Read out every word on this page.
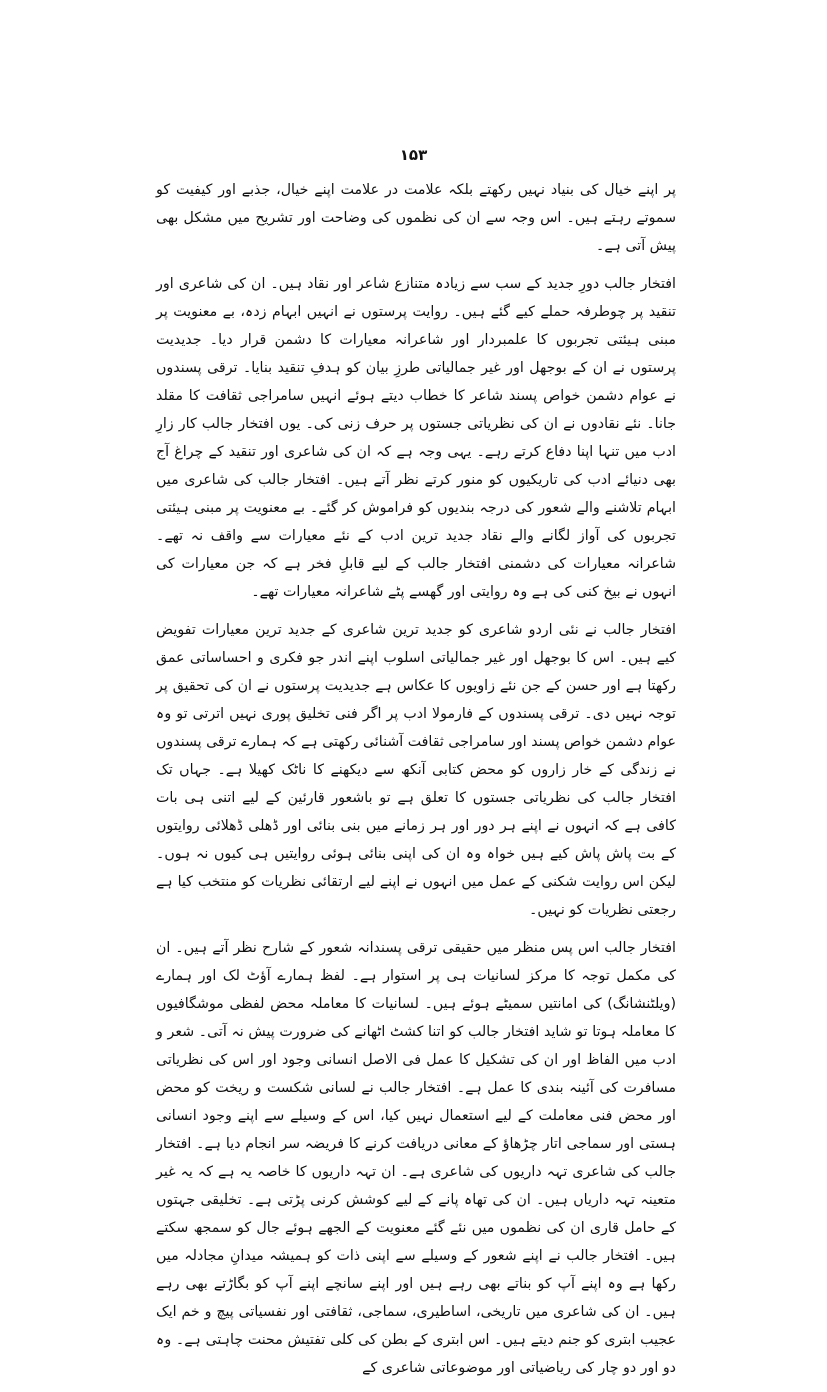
۱۵۳

پر اپنے خیال کی بنیاد نہیں رکھتے بلکہ علامت در علامت اپنے خیال، جذبے اور کیفیت کو سموتے رہتے ہیں۔ اس وجہ سے ان کی نظموں کی وضاحت اور تشریح میں مشکل بھی پیش آتی ہے۔

افتخار جالب دورِ جدید کے سب سے زیادہ متنازع شاعر اور نقاد ہیں۔ ان کی شاعری اور تنقید پر چوطرفہ حملے کیے گئے ہیں۔ روایت پرستوں نے انہیں ابہام زدہ، بے معنویت پر مبنی ہیئتی تجربوں کا علمبردار اور شاعرانہ معیارات کا دشمن قرار دیا۔ جدیدیت پرستوں نے ان کے بوجھل اور غیر جمالیاتی طرزِ بیان کو ہدفِ تنقید بنایا۔ ترقی پسندوں نے عوام دشمن خواص پسند شاعر کا خطاب دیتے ہوئے انہیں سامراجی ثقافت کا مقلد جانا۔ نئے نقادوں نے ان کی نظریاتی جستوں پر حرف زنی کی۔ یوں افتخار جالب کار زارِ ادب میں تنہا اپنا دفاع کرتے رہے۔ یہی وجہ ہے کہ ان کی شاعری اور تنقید کے چراغ آج بھی دنیائے ادب کی تاریکیوں کو منور کرتے نظر آتے ہیں۔ افتخار جالب کی شاعری میں ابہام تلاشنے والے شعور کی درجہ بندیوں کو فراموش کر گئے۔ بے معنویت پر مبنی ہیئتی تجربوں کی آواز لگانے والے نقاد جدید ترین ادب کے نئے معیارات سے واقف نہ تھے۔ شاعرانہ معیارات کی دشمنی افتخار جالب کے لیے قابلِ فخر ہے کہ جن معیارات کی انہوں نے بیخ کنی کی ہے وہ روایتی اور گھسے پٹے شاعرانہ معیارات تھے۔

افتخار جالب نے نئی اردو شاعری کو جدید ترین شاعری کے جدید ترین معیارات تفویض کیے ہیں۔ اس کا بوجھل اور غیر جمالیاتی اسلوب اپنے اندر جو فکری و احساساتی عمق رکھتا ہے اور حسن کے جن نئے زاویوں کا عکاس ہے جدیدیت پرستوں نے ان کی تحقیق پر توجہ نہیں دی۔ ترقی پسندوں کے فارمولا ادب پر اگر فنی تخلیق پوری نہیں اترتی تو وہ عوام دشمن خواص پسند اور سامراجی ثقافت آشنائی رکھتی ہے کہ ہمارے ترقی پسندوں نے زندگی کے خار زاروں کو محض کتابی آنکھ سے دیکھنے کا ناٹک کھیلا ہے۔ جہاں تک افتخار جالب کی نظریاتی جستوں کا تعلق ہے تو باشعور قارئین کے لیے اتنی ہی بات کافی ہے کہ انہوں نے اپنے ہر دور اور ہر زمانے میں بنی بنائی اور ڈھلی ڈھلائی روایتوں کے بت پاش پاش کیے ہیں خواہ وہ ان کی اپنی بنائی ہوئی روایتیں ہی کیوں نہ ہوں۔ لیکن اس روایت شکنی کے عمل میں انہوں نے اپنے لیے ارتقائی نظریات کو منتخب کیا ہے رجعتی نظریات کو نہیں۔

افتخار جالب اس پس منظر میں حقیقی ترقی پسندانہ شعور کے شارح نظر آتے ہیں۔ ان کی مکمل توجہ کا مرکز لسانیات ہی پر استوار ہے۔ لفظ ہمارے آؤٹ لک اور ہمارے (ویلٹنشانگ) کی امانتیں سمیٹے ہوئے ہیں۔ لسانیات کا معاملہ محض لفظی موشگافیوں کا معاملہ ہوتا تو شاید افتخار جالب کو اتنا کشٹ اٹھانے کی ضرورت پیش نہ آتی۔ شعر و ادب میں الفاظ اور ان کی تشکیل کا عمل فی الاصل انسانی وجود اور اس کی نظریاتی مسافرت کی آئینہ بندی کا عمل ہے۔ افتخار جالب نے لسانی شکست و ریخت کو محض اور محض فنی معاملت کے لیے استعمال نہیں کیا، اس کے وسیلے سے اپنے وجود انسانی ہستی اور سماجی اتار چڑھاؤ کے معانی دریافت کرنے کا فریضہ سر انجام دیا ہے۔ افتخار جالب کی شاعری تہہ داریوں کی شاعری ہے۔ ان تہہ داریوں کا خاصہ یہ ہے کہ یہ غیر متعینہ تہہ داریاں ہیں۔ ان کی تھاہ پانے کے لیے کوشش کرنی پڑتی ہے۔ تخلیقی جہتوں کے حامل قاری ان کی نظموں میں نئے گئے معنویت کے الجھے ہوئے جال کو سمجھ سکتے ہیں۔ افتخار جالب نے اپنے شعور کے وسیلے سے اپنی ذات کو ہمیشہ میدانِ مجادلہ میں رکھا ہے وہ اپنے آپ کو بناتے بھی رہے ہیں اور اپنے سانچے اپنے آپ کو بگاڑتے بھی رہے ہیں۔ ان کی شاعری میں تاریخی، اساطیری، سماجی، ثقافتی اور نفسیاتی پیچ و خم ایک عجیب ابتری کو جنم دیتے ہیں۔ اس ابتری کے بطن کی کلی تفتیش محنت چاہتی ہے۔ وہ دو اور دو چار کی ریاضیاتی اور موضوعاتی شاعری کے
